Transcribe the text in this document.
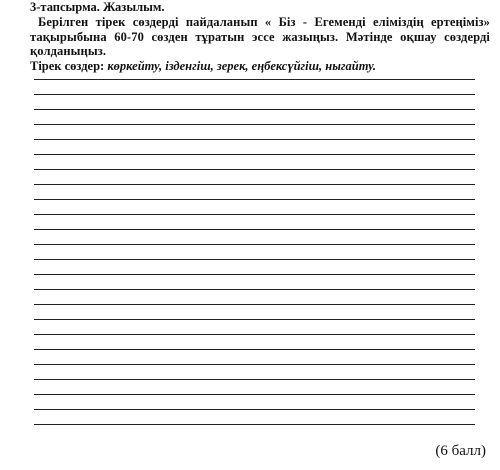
3-тапсырма. Жазылым.

Берілген тірек сөздерді пайдаланып « Біз - Егеменді еліміздің ертеңіміз» тақырыбына 60-70 сөзден тұратын эссе жазыңыз. Мәтінде оқшау сөздерді қолданыңыз.

Тірек сөздер: көркейту, ізденгіш, зерек, еңбексүйгіш, ныгайту.

(6 балл)
